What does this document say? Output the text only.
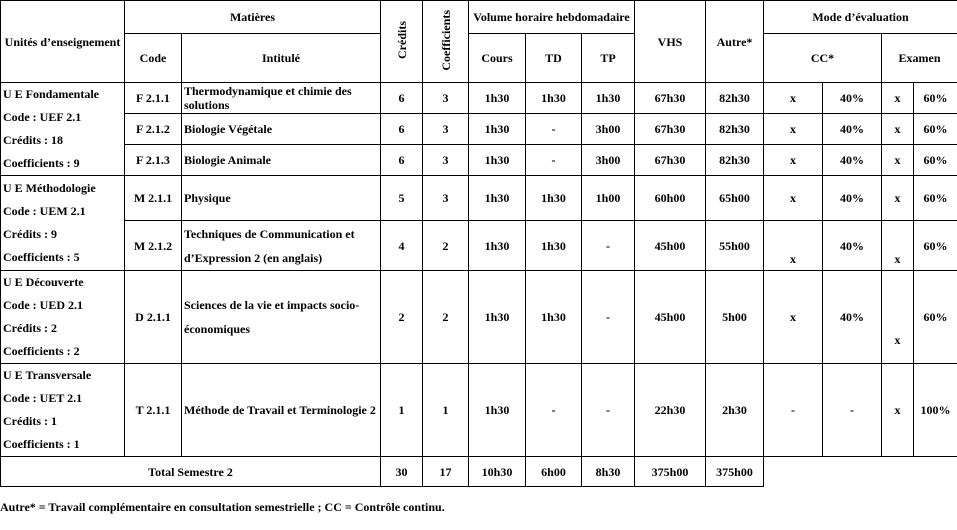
Unités d’enseignement	Matières		Crédits	Coefficients	Volume horaire hebdomadaire			VHS	Autre*	Mode d’évaluation			
	Code	Intitulé			Cours	TD	TP			CC*		Examen	

U E Fondamentale
Code : UEF 2.1
Crédits : 18
Coefficients : 9	F 2.1.1	Thermodynamique et chimie des solutions	6	3	1h30	1h30	1h30	67h30	82h30	x	40%	x	60%
	F 2.1.2	Biologie Végétale	6	3	1h30	-	3h00	67h30	82h30	x	40%	x	60%
	F 2.1.3	Biologie Animale	6	3	1h30	-	3h00	67h30	82h30	x	40%	x	60%

U E Méthodologie
Code : UEM 2.1
Crédits : 9
Coefficients : 5	M 2.1.1	Physique	5	3	1h30	1h30	1h00	60h00	65h00	x	40%	x	60%
	M 2.1.2	Techniques de Communication et d’Expression 2 (en anglais)	4	2	1h30	1h30	-	45h00	55h00	x	40%	x	60%

U E Découverte
Code : UED 2.1
Crédits : 2
Coefficients : 2	D 2.1.1	Sciences de la vie et impacts socio-économiques	2	2	1h30	1h30	-	45h00	5h00	x	40%	x	60%

U E Transversale
Code : UET 2.1
Crédits : 1
Coefficients : 1	T 2.1.1	Méthode de Travail et Terminologie 2	1	1	1h30	-	-	22h30	2h30	-	-	x	100%
Total Semestre 2			30	17	10h30	6h00	8h30	375h00	375h00				
Autre* = Travail complémentaire en consultation semestrielle ; CC = Contrôle continu.
